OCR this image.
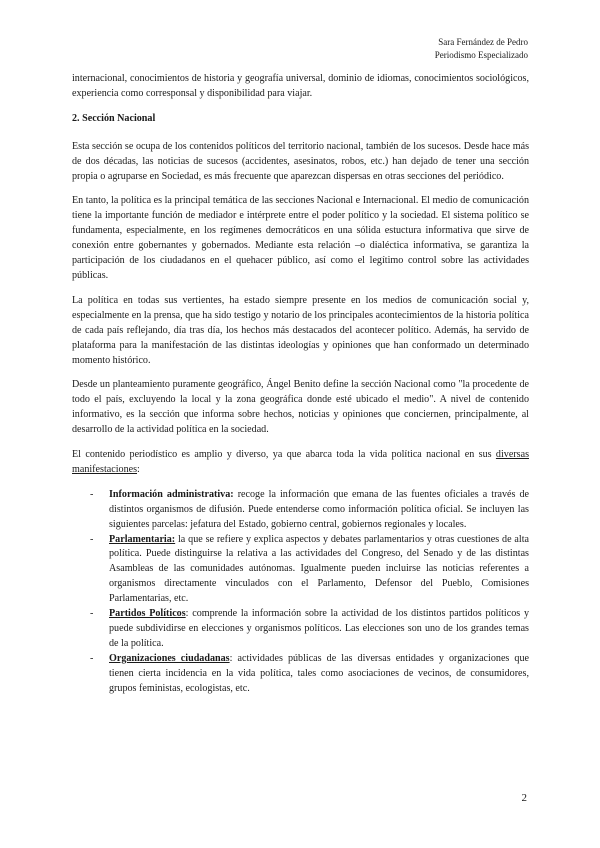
Sara Fernández de Pedro
Periodismo Especializado

internacional, conocimientos de historia y geografía universal, dominio de idiomas, conocimientos sociológicos, experiencia como corresponsal y disponibilidad para viajar.

2. Sección Nacional

Esta sección se ocupa de los contenidos políticos del territorio nacional, también de los sucesos. Desde hace más de dos décadas, las noticias de sucesos (accidentes, asesinatos, robos, etc.) han dejado de tener una sección propia o agruparse en Sociedad, es más frecuente que aparezcan dispersas en otras secciones del periódico.

En tanto, la política es la principal temática de las secciones Nacional e Internacional. El medio de comunicación tiene la importante función de mediador e intérprete entre el poder político y la sociedad. El sistema político se fundamenta, especialmente, en los regímenes democráticos en una sólida estuctura informativa que sirve de conexión entre gobernantes y gobernados. Mediante esta relación –o dialéctica informativa, se garantiza la participación de los ciudadanos en el quehacer público, así como el legítimo control sobre las actividades públicas.

La política en todas sus vertientes, ha estado siempre presente en los medios de comunicación social y, especialmente en la prensa, que ha sido testigo y notario de los principales acontecimientos de la historia política de cada país reflejando, día tras día, los hechos más destacados del acontecer político. Además, ha servido de plataforma para la manifestación de las distintas ideologías y opiniones que han conformado un determinado momento histórico.

Desde un planteamiento puramente geográfico, Ángel Benito define la sección Nacional como "la procedente de todo el país, excluyendo la local y la zona geográfica donde esté ubicado el medio". A nivel de contenido informativo, es la sección que informa sobre hechos, noticias y opiniones que conciernen, principalmente, al desarrollo de la actividad política en la sociedad.

El contenido periodístico es amplio y diverso, ya que abarca toda la vida política nacional en sus diversas manifestaciones:

- Información administrativa: recoge la información que emana de las fuentes oficiales a través de distintos organismos de difusión. Puede entenderse como información política oficial. Se incluyen las siguientes parcelas: jefatura del Estado, gobierno central, gobiernos regionales y locales.
- Parlamentaria: la que se refiere y explica aspectos y debates parlamentarios y otras cuestiones de alta política. Puede distinguirse la relativa a las actividades del Congreso, del Senado y de las distintas Asambleas de las comunidades autónomas. Igualmente pueden incluirse las noticias referentes a organismos directamente vinculados con el Parlamento, Defensor del Pueblo, Comisiones Parlamentarias, etc.
- Partidos Políticos: comprende la información sobre la actividad de los distintos partidos políticos y puede subdividirse en elecciones y organismos políticos. Las elecciones son uno de los grandes temas de la política.
- Organizaciones ciudadanas: actividades públicas de las diversas entidades y organizaciones que tienen cierta incidencia en la vida política, tales como asociaciones de vecinos, de consumidores, grupos feministas, ecologistas, etc.
2
